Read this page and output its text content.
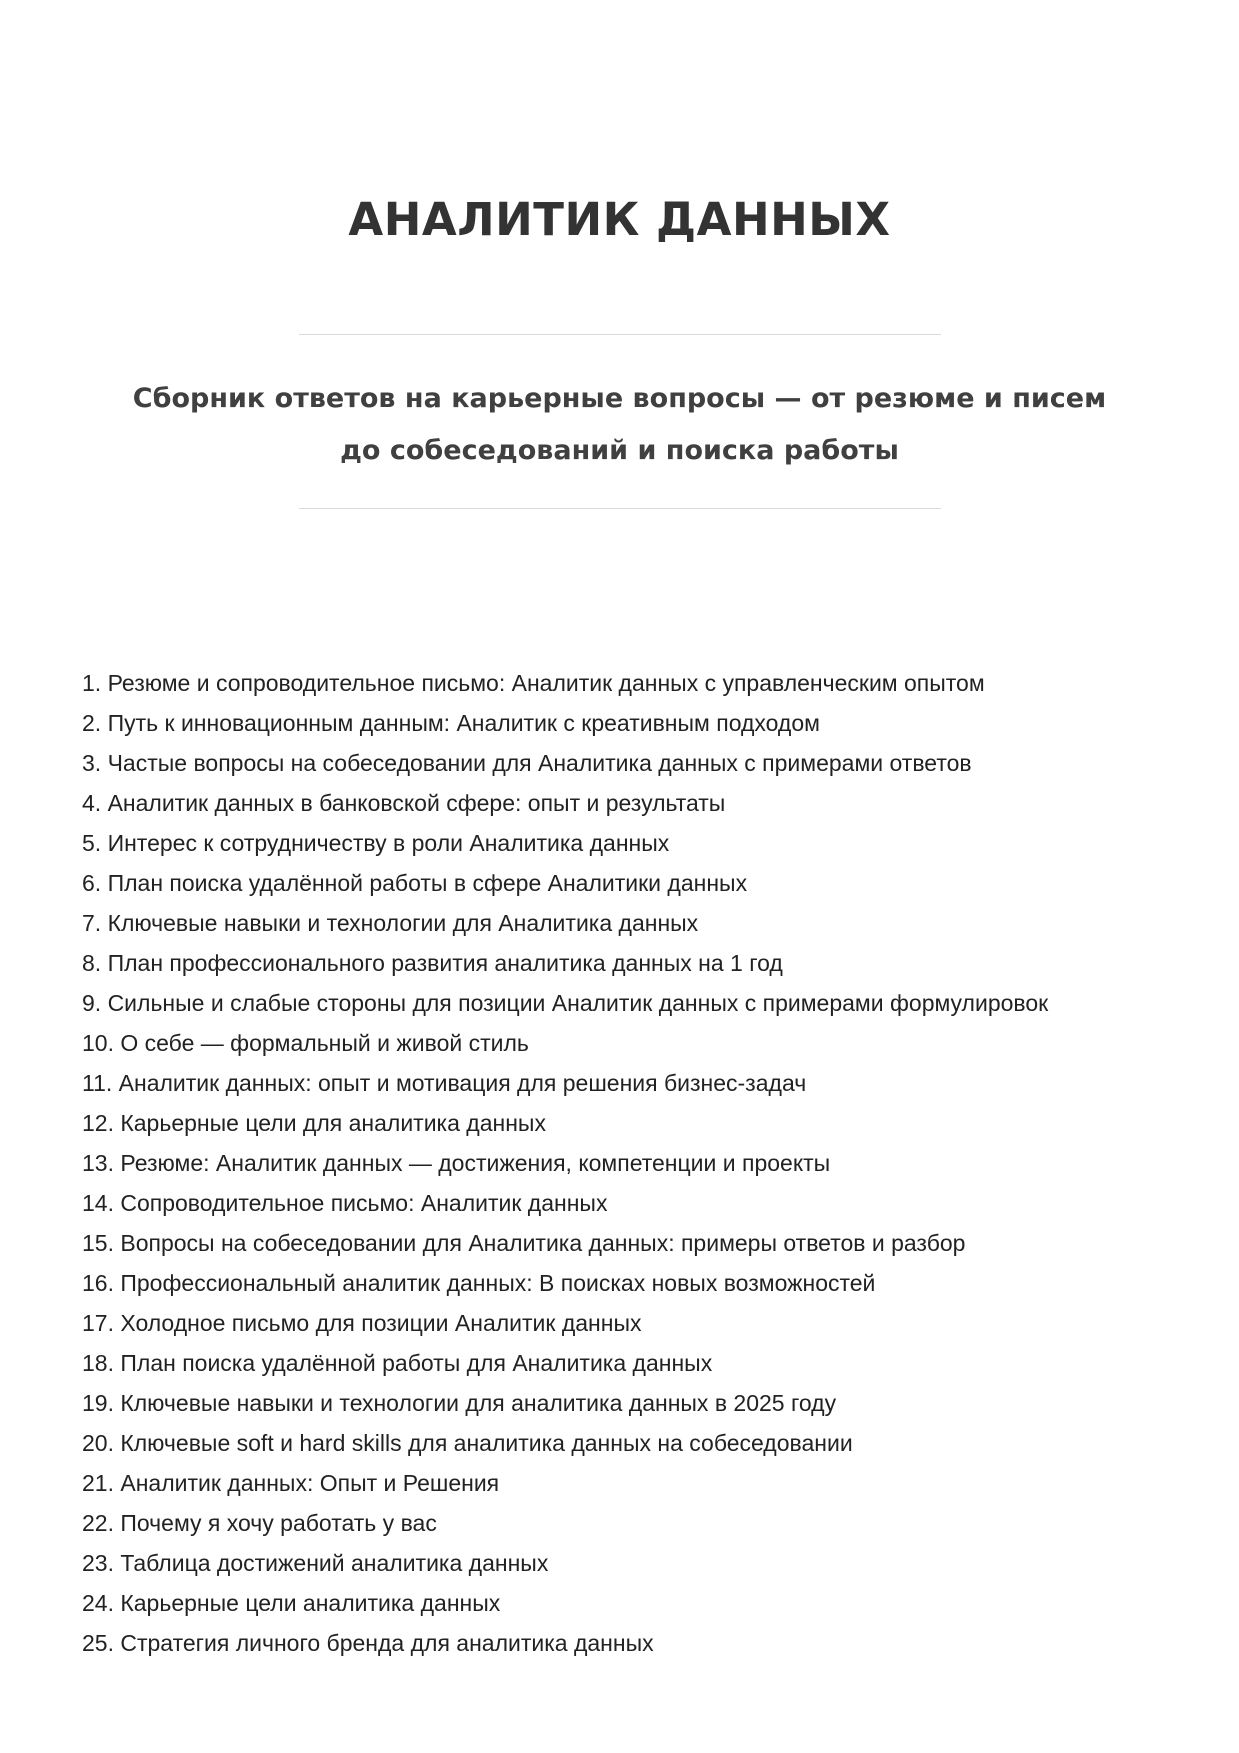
АНАЛИТИК ДАННЫХ

Сборник ответов на карьерные вопросы — от резюме и писем до собеседований и поиска работы

1. Резюме и сопроводительное письмо: Аналитик данных с управленческим опытом
2. Путь к инновационным данным: Аналитик с креативным подходом
3. Частые вопросы на собеседовании для Аналитика данных с примерами ответов
4. Аналитик данных в банковской сфере: опыт и результаты
5. Интерес к сотрудничеству в роли Аналитика данных
6. План поиска удалённой работы в сфере Аналитики данных
7. Ключевые навыки и технологии для Аналитика данных
8. План профессионального развития аналитика данных на 1 год
9. Сильные и слабые стороны для позиции Аналитик данных с примерами формулировок
10. О себе — формальный и живой стиль
11. Аналитик данных: опыт и мотивация для решения бизнес-задач
12. Карьерные цели для аналитика данных
13. Резюме: Аналитик данных — достижения, компетенции и проекты
14. Сопроводительное письмо: Аналитик данных
15. Вопросы на собеседовании для Аналитика данных: примеры ответов и разбор
16. Профессиональный аналитик данных: В поисках новых возможностей
17. Холодное письмо для позиции Аналитик данных
18. План поиска удалённой работы для Аналитика данных
19. Ключевые навыки и технологии для аналитика данных в 2025 году
20. Ключевые soft и hard skills для аналитика данных на собеседовании
21. Аналитик данных: Опыт и Решения
22. Почему я хочу работать у вас
23. Таблица достижений аналитика данных
24. Карьерные цели аналитика данных
25. Стратегия личного бренда для аналитика данных
